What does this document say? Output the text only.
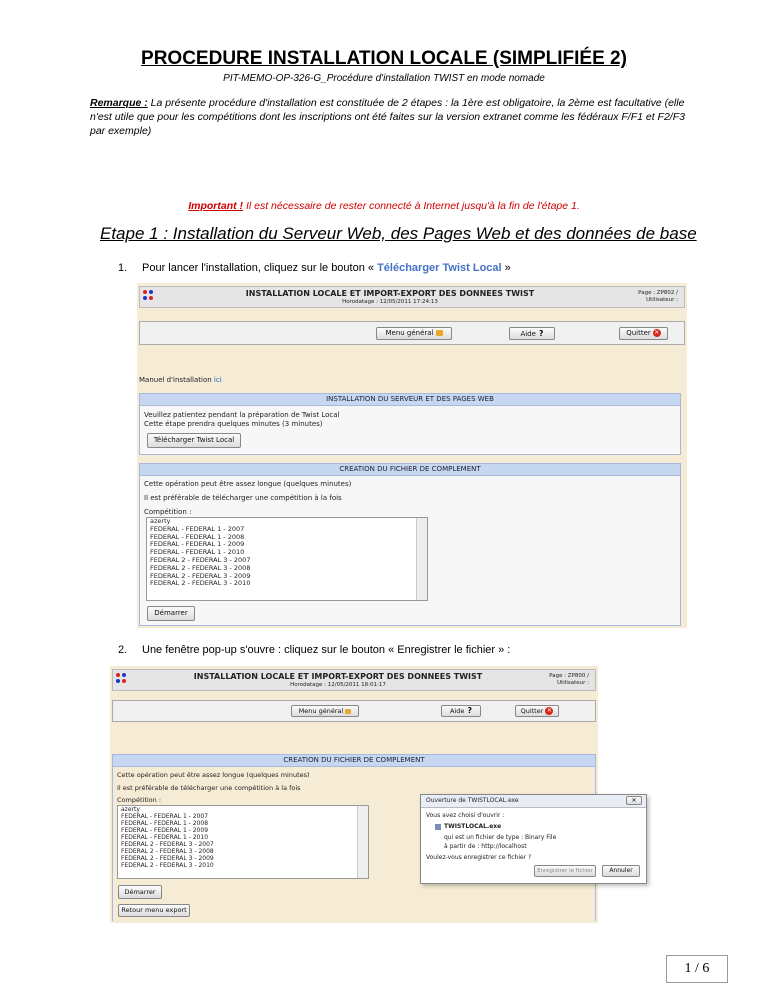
PROCEDURE INSTALLATION LOCALE (SIMPLIFIÉE 2)
PIT-MEMO-OP-326-G_Procédure d'installation TWIST en mode nomade
Remarque : La présente procédure d'installation est constituée de 2 étapes : la 1ère est obligatoire, la 2ème est facultative (elle n'est utile que pour les compétitions dont les inscriptions ont été faites sur la version extranet comme les fédéraux F/F1 et F2/F3 par exemple)
Important ! Il est nécessaire de rester connecté à Internet jusqu'à la fin de l'étape 1.
Etape 1 : Installation du Serveur Web, des Pages Web et des données de base
1. Pour lancer l'installation, cliquez sur le bouton « Télécharger Twist Local »
INSTALLATION LOCALE ET IMPORT-EXPORT DES DONNEES TWIST
Horodatage : 12/05/2011 17:24:13
Page : ZP802 /
Utilisateur :
Menu général	Aide ?	Quitter ✕
Manuel d'installation ici
INSTALLATION DU SERVEUR ET DES PAGES WEB
Veuillez patientez pendant la préparation de Twist Local
Cette étape prendra quelques minutes (3 minutes)
Télécharger Twist Local
CREATION DU FICHIER DE COMPLEMENT
Cette opération peut être assez longue (quelques minutes)
Il est préférable de télécharger une compétition à la fois
Compétition :
azerty
FEDERAL - FEDERAL 1 - 2007
FEDERAL - FEDERAL 1 - 2008
FEDERAL - FEDERAL 1 - 2009
FEDERAL - FEDERAL 1 - 2010
FEDERAL 2 - FEDERAL 3 - 2007
FEDERAL 2 - FEDERAL 3 - 2008
FEDERAL 2 - FEDERAL 3 - 2009
FEDERAL 2 - FEDERAL 3 - 2010
Démarrer
2. Une fenêtre pop-up s'ouvre : cliquez sur le bouton « Enregistrer le fichier » :
INSTALLATION LOCALE ET IMPORT-EXPORT DES DONNEES TWIST
Horodatage : 12/05/2011 18:01:17
Page : ZP800 /
Utilisateur :
Menu général	Aide ?	Quitter ✕
CREATION DU FICHIER DE COMPLEMENT
Cette opération peut être assez longue (quelques minutes)
Il est préférable de télécharger une compétition à la fois
Compétition :
azerty
FEDERAL - FEDERAL 1 - 2007
FEDERAL - FEDERAL 1 - 2008
FEDERAL - FEDERAL 1 - 2009
FEDERAL - FEDERAL 1 - 2010
FEDERAL 2 - FEDERAL 3 - 2007
FEDERAL 2 - FEDERAL 3 - 2008
FEDERAL 2 - FEDERAL 3 - 2009
FEDERAL 2 - FEDERAL 3 - 2010
Démarrer
Retour menu export
Ouverture de TWISTLOCAL.exe	✕
Vous avez choisi d'ouvrir :
TWISTLOCAL.exe
qui est un fichier de type : Binary File
à partir de : http://localhost
Voulez-vous enregistrer ce fichier ?
Enregistrer le fichier	Annuler
1 / 6
